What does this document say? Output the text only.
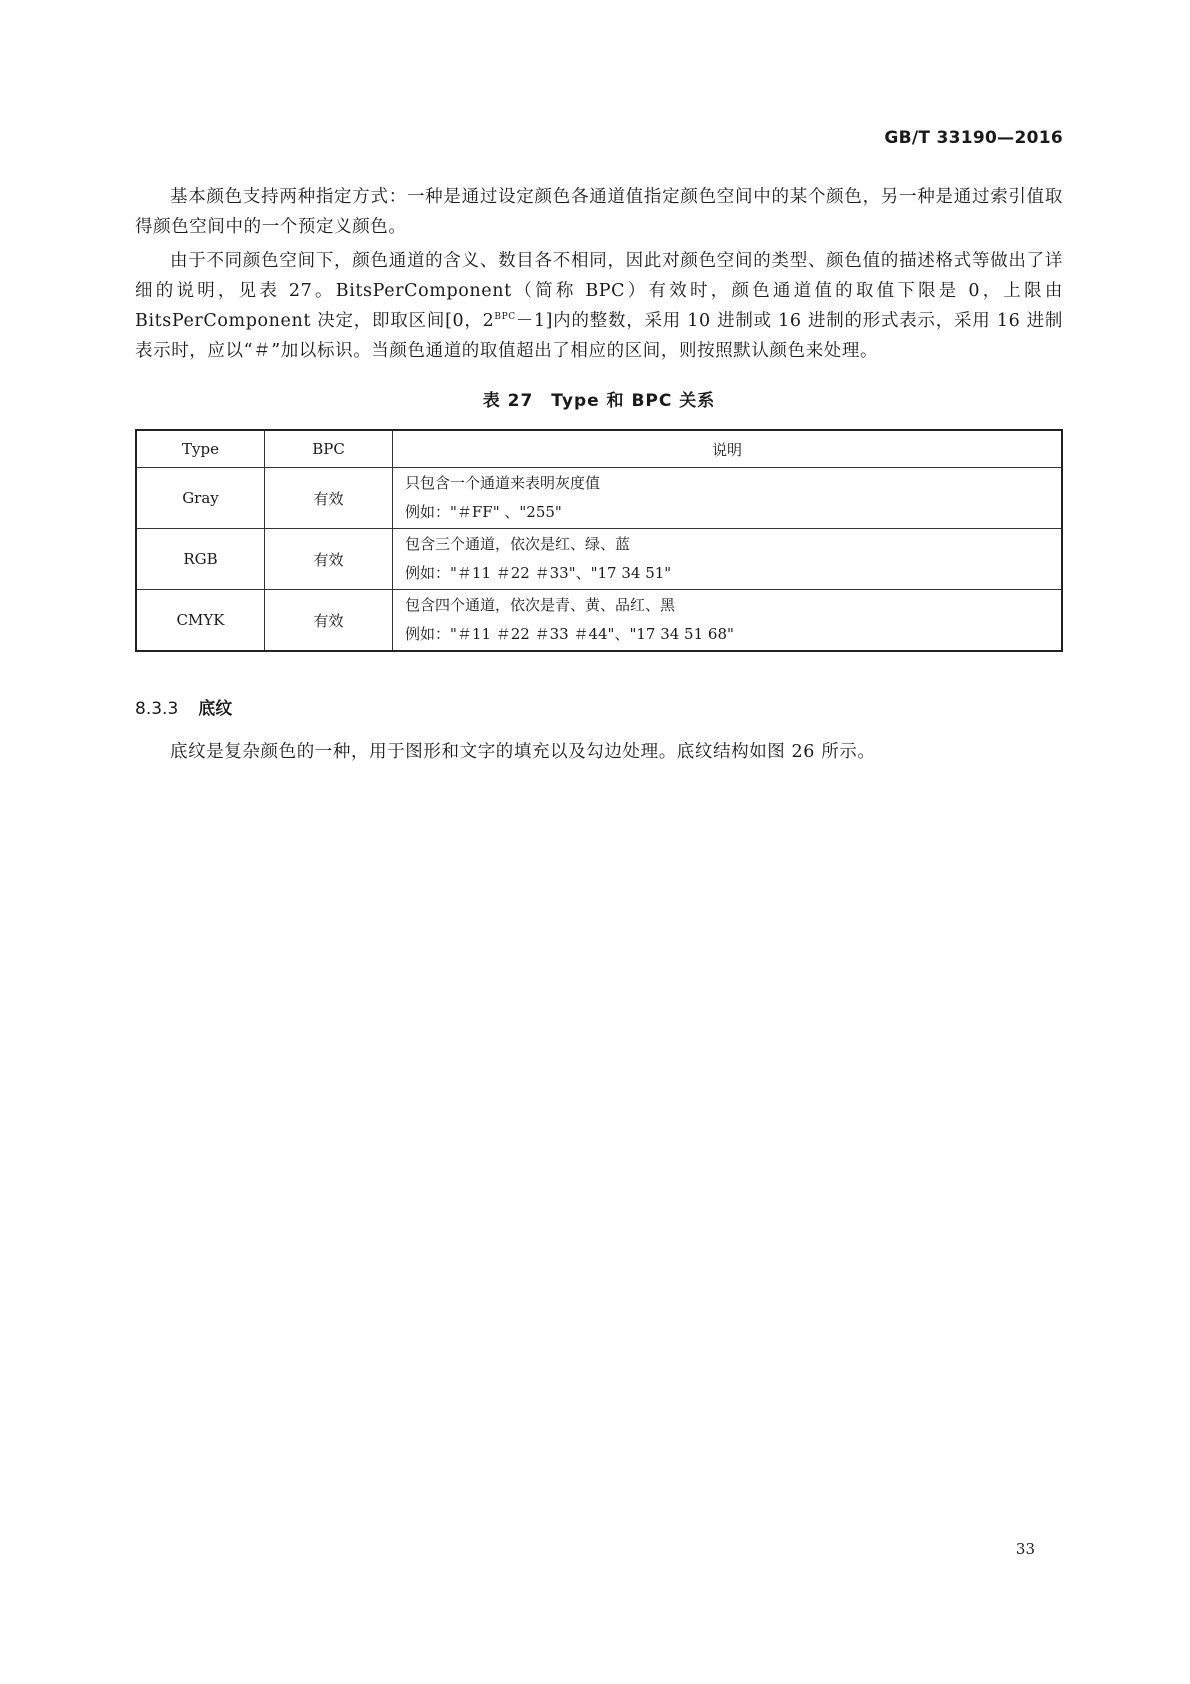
GB/T 33190—2016

基本颜色支持两种指定方式：一种是通过设定颜色各通道值指定颜色空间中的某个颜色，另一种是通过索引值取得颜色空间中的一个预定义颜色。

由于不同颜色空间下，颜色通道的含义、数目各不相同，因此对颜色空间的类型、颜色值的描述格式等做出了详细的说明，见表 27。BitsPerComponent（简称 BPC）有效时，颜色通道值的取值下限是 0，上限由 BitsPerComponent 决定，即取区间[0，$2^{BPC}-1$]内的整数，采用 10 进制或 16 进制的形式表示，采用 16 进制表示时，应以“＃”加以标识。当颜色通道的取值超出了相应的区间，则按照默认颜色来处理。

表 27　Type 和 BPC 关系
Type	BPC	说明
Gray	有效	只包含一个通道来表明灰度值
例如："＃FF" 、"255"

RGB	有效	包含三个通道，依次是红、绿、蓝
例如："＃11 ＃22 ＃33"、"17 34 51"

CMYK	有效	包含四个通道，依次是青、黄、品红、黑
例如："＃11 ＃22 ＃33 ＃44"、"17 34 51 68"
8.3.3 底纹

底纹是复杂颜色的一种，用于图形和文字的填充以及勾边处理。底纹结构如图 26 所示。

33
